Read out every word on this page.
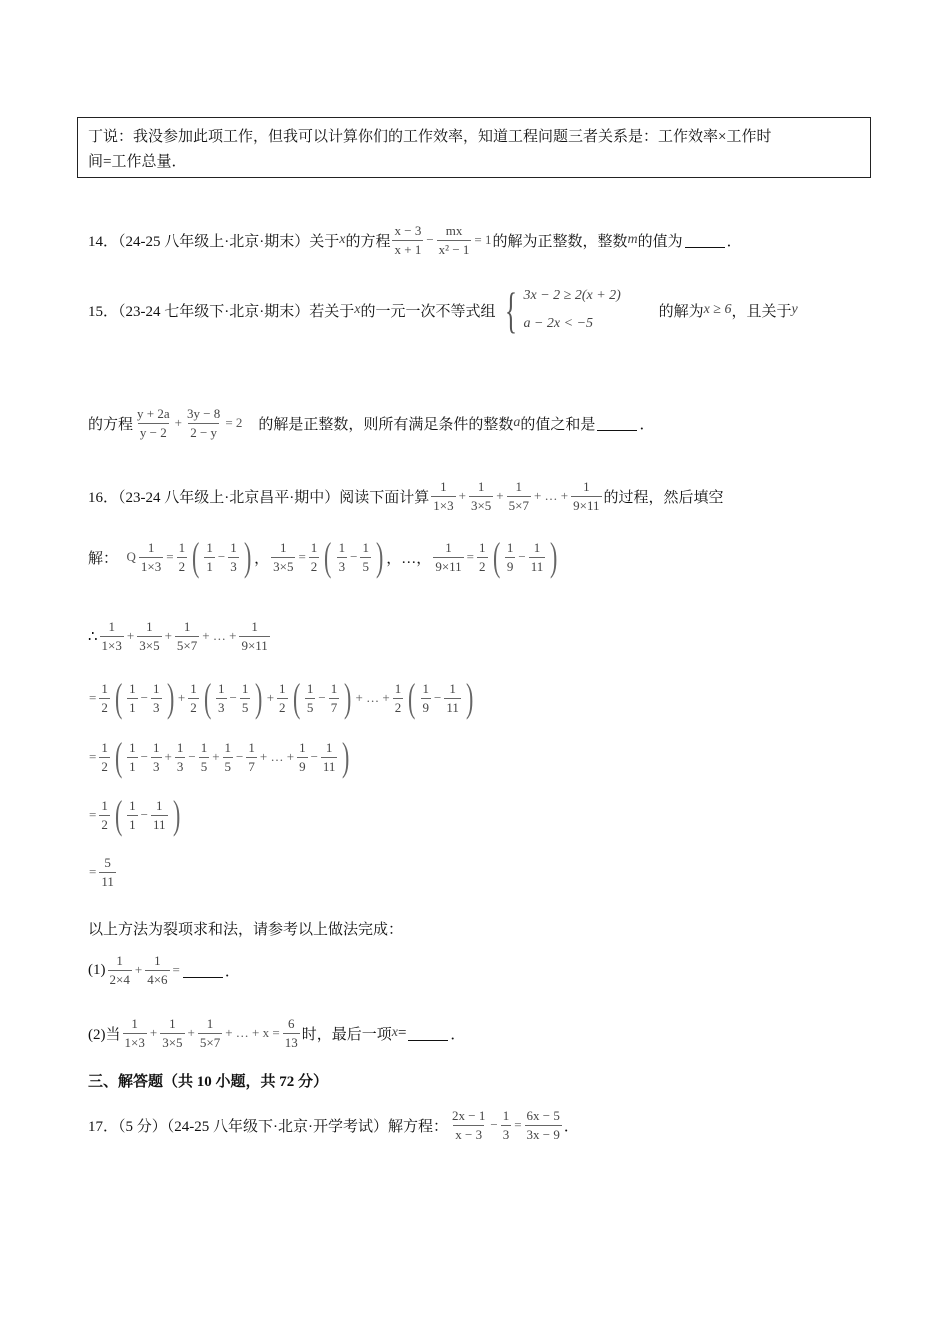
丁说：我没参加此项工作，但我可以计算你们的工作效率，知道工程问题三者关系是：工作效率×工作时
间=工作总量．
14．（24-25 八年级上·北京·期末）关于 x 的方程 $\frac{x - 3}{x + 1} - \frac{mx}{\text{x² − 1}} = 1$ 的解为正整数，整数 m 的值为	．
15．（23-24 七年级下·北京·期末）若关于 x 的一元一次不等式组 { 3x − 2 ≥ 2(x + 2)
a − 2x < −5
　　 的解为 x ≥ 6 ，且关于 y
的方程 $\frac{y + 2a}{y - 2} + \frac{3y - 8}{2 - y} = 2$ 　的解是正整数，则所有满足条件的整数 a 的值之和是	．
16．（23-24 八年级上·北京昌平·期中）阅读下面计算 $\frac{1}{1\times 3} + \frac{1}{3\times 5} + \frac{1}{5\times 7}$ + … + $\frac{1}{9\times 11}$ 的过程，然后填空
解：　 Q $\frac{1}{1\times 3} = \frac{1}{2}$ ( $\frac{1}{1} - \frac{1}{3}$ ) ， $\frac{1}{3\times 5} = \frac{1}{2}$ ( $\frac{1}{3} - \frac{1}{5}$ ) ，…， $\frac{1}{9\times 11} = \frac{1}{2}$ ( $\frac{1}{9} - \frac{1}{11}$ )
∴ $\frac{1}{1\times 3} + \frac{1}{3\times 5} + \frac{1}{5\times 7}$ + … + $\frac{1}{9\times 11}$
= $\frac{1}{2}$ ( $\frac{1}{1} - \frac{1}{3}$ ) + $\frac{1}{2}$ ( $\frac{1}{3} - \frac{1}{5}$ ) + $\frac{1}{2}$ ( $\frac{1}{5} - \frac{1}{7}$ ) + … + $\frac{1}{2}$ ( $\frac{1}{9} - \frac{1}{11}$ )
= $\frac{1}{2}$ ( $\frac{1}{1} - \frac{1}{3} + \frac{1}{3} - \frac{1}{5} + \frac{1}{5} - \frac{1}{7}$ + … + $\frac{1}{9} - \frac{1}{11}$ )
= $\frac{1}{2}$ ( $\frac{1}{1} - \frac{1}{11}$ )
= $\frac{5}{11}$
以上方法为裂项求和法，请参考以上做法完成：
$(1) \frac{1}{2\times 4} + \frac{1}{4\times 6}$ =	．
(2)当 $\frac{1}{1\times 3} + \frac{1}{3\times 5} + \frac{1}{5\times 7}$ + … + $x = \frac{6}{13}$ 时，最后一项 x =	．
三、解答题（共 10 小题，共 72 分）
17．（5 分）（24-25 八年级下·北京·开学考试）解方程： $\frac{2x - 1}{x - 3} - \frac{1}{3} = \frac{6x - 5}{3x - 9}$ ．
